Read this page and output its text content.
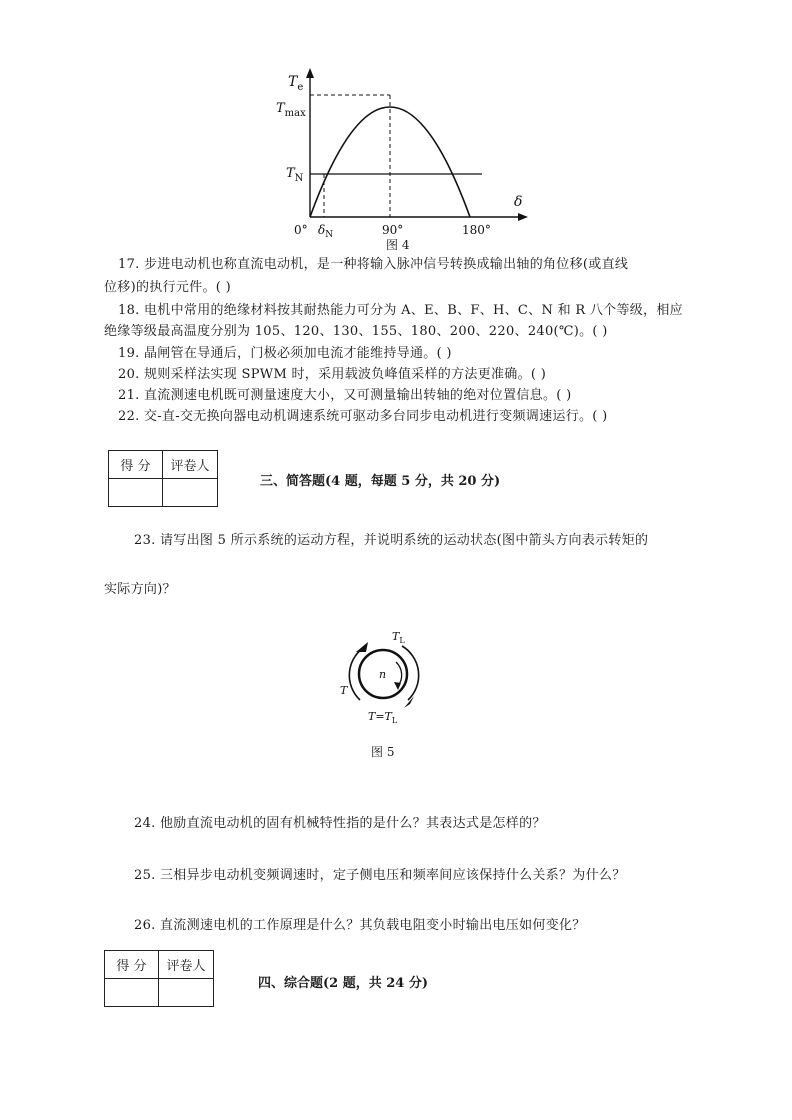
$T_e$
$T_{max}$
$T_N$
δ
0° $\delta_N$	90°	180°
图 4
17. 步进电动机也称直流电动机，是一种将输入脉冲信号转换成输出轴的角位移(或直线
位移)的执行元件。( )
18. 电机中常用的绝缘材料按其耐热能力可分为 A、E、B、F、H、C、N 和 R 八个等级，相应
绝缘等级最高温度分别为 105、120、130、155、180、200、220、240(℃)。( )
19. 晶闸管在导通后，门极必须加电流才能维持导通。( )
20. 规则采样法实现 SPWM 时，采用载波负峰值采样的方法更准确。( )
21. 直流测速电机既可测量速度大小，又可测量输出转轴的绝对位置信息。( )
22. 交-直-交无换向器电动机调速系统可驱动多台同步电动机进行变频调速运行。( )
得 分	评卷人

三、简答题(4 题，每题 5 分，共 20 分)
23. 请写出图 5 所示系统的运动方程，并说明系统的运动状态(图中箭头方向表示转矩的
实际方向)？
n
T
$T_L$
$T=T_L$
图 5
24. 他励直流电动机的固有机械特性指的是什么？其表达式是怎样的？
25. 三相异步电动机变频调速时，定子侧电压和频率间应该保持什么关系？为什么？
26. 直流测速电机的工作原理是什么？其负载电阻变小时输出电压如何变化？
得 分	评卷人

四、综合题(2 题，共 24 分)
